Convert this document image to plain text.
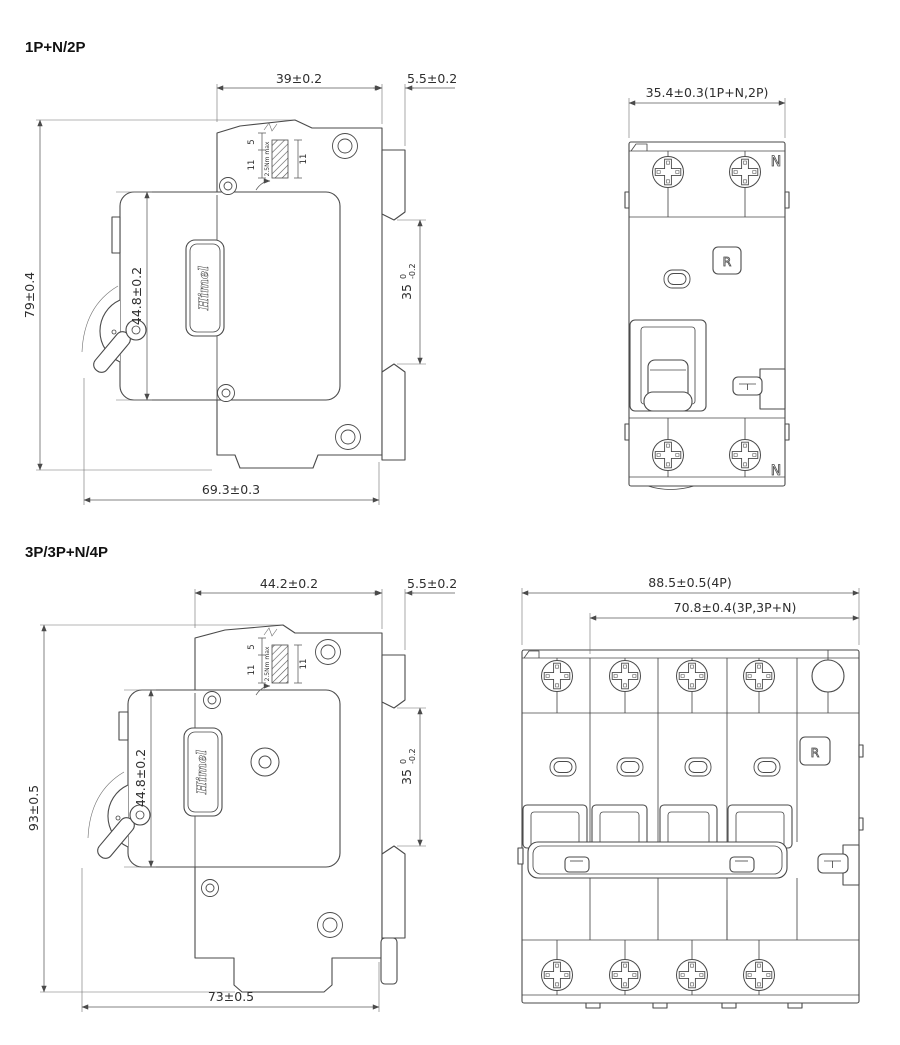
1P+N/2P
Himel
5
11
11
2.5Nm max
39±0.2	5.5±0.2
79±0.4	44.8±0.2	35
0 -0.2
69.3±0.3
N
N
R
35.4±0.3(1P+N,2P)
3P/3P+N/4P
Himel
5
11
11
2.5Nm max
44.2±0.2	5.5±0.2
93±0.5
44.8±0.2	35
0 -0.2
73±0.5
R
88.5±0.5(4P)
70.8±0.4(3P,3P+N)
